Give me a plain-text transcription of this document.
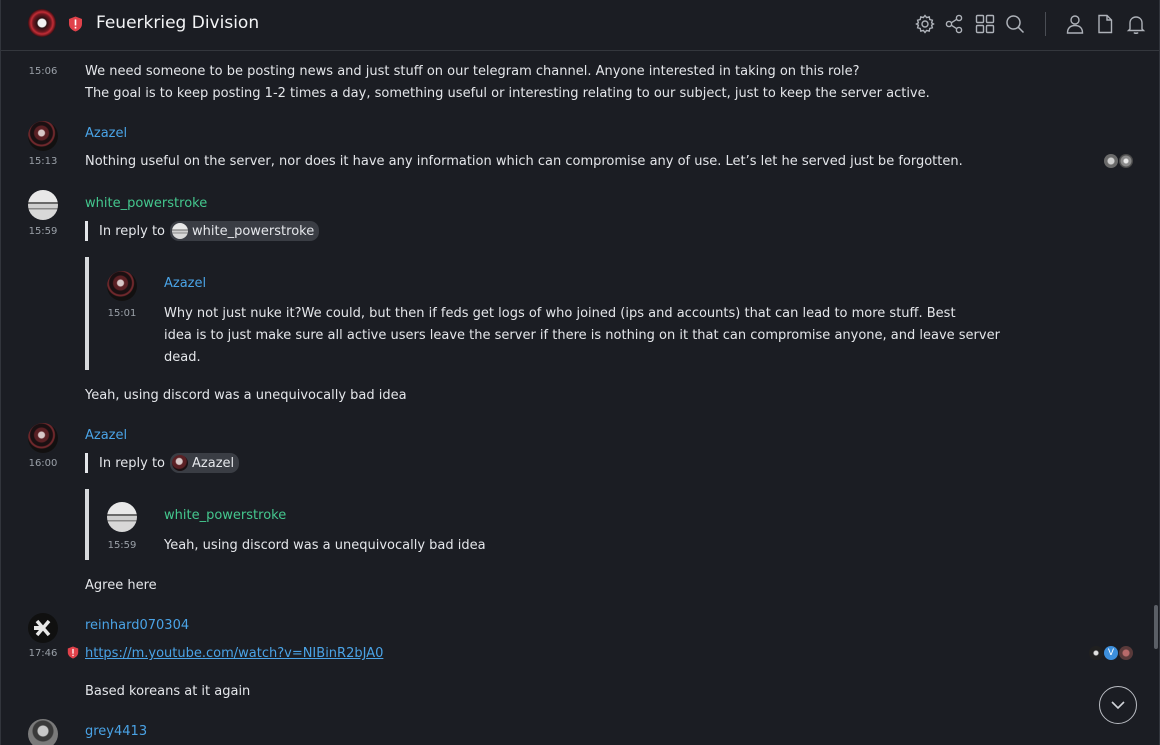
Feuerkrieg Division
15:06	We need someone to be posting news and just stuff on our telegram channel. Anyone interested in taking on this role?
The goal is to keep posting 1-2 times a day, something useful or interesting relating to our subject, just to keep the server active.
Azazel
15:13	Nothing useful on the server, nor does it have any information which can compromise any of use. Let’s let he served just be forgotten.
white_powerstroke
15:59	In reply to white_powerstroke
Azazel
15:01	Why not just nuke it?We could, but then if feds get logs of who joined (ips and accounts) that can lead to more stuff. Best
idea is to just make sure all active users leave the server if there is nothing on it that can compromise anyone, and leave server
dead.
Yeah, using discord was a unequivocally bad idea
Azazel
16:00	In reply to Azazel
white_powerstroke
15:59	Yeah, using discord was a unequivocally bad idea
Agree here
reinhard070304
17:46	https://m.youtube.com/watch?v=NIBinR2bJA0	V
Based koreans at it again
grey4413
